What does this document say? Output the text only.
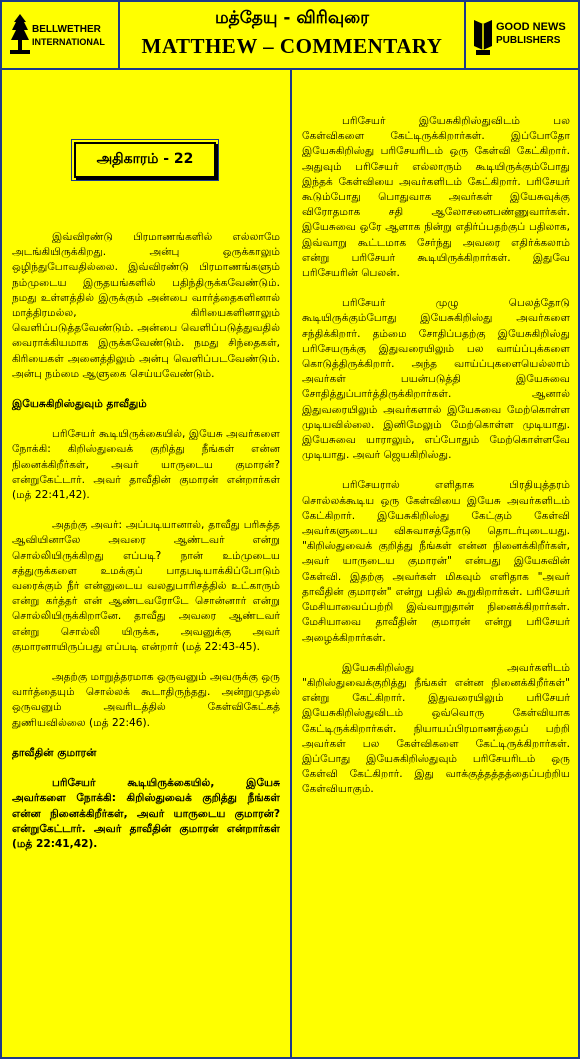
BELLWETHER
INTERNATIONAL
மத்தேயு - விரிவுரை
MATTHEW – COMMENTARY
GOOD NEWS
PUBLISHERS
அதிகாரம் - 22

இவ்விரண்டு பிரமாணங்களில் எல்லாமே அடங்கியிருக்கிறது. அன்பு ஒருக்காலும் ஒழிந்துபோவதில்லை. இவ்விரண்டு பிரமாணங்களும் நம்முடைய இருதயங்களில் பதிந்திருக்கவேண்டும். நமது உள்ளத்தில் இருக்கும் அன்பை வார்த்தைகளினால் மாத்திரமல்ல, கிரியைகளினாலும் வெளிப்படுத்தவேண்டும். அன்பை வெளிப்படுத்துவதில் வைராக்கியமாக இருக்கவேண்டும். நமது சிந்தைகள், கிரியைகள் அனைத்திலும் அன்பு வெளிப்படவேண்டும். அன்பு நம்மை ஆளுகை செய்யவேண்டும்.

இயேசுகிறிஸ்துவும் தாவீதும்

பரிசேயர் கூடியிருக்கையில், இயேசு அவர்களை நோக்கி: கிறிஸ்துவைக் குறித்து நீங்கள் என்ன நினைக்கிறீர்கள், அவர் யாருடைய குமாரன்? என்றுகேட்டார். அவர் தாவீதின் குமாரன் என்றார்கள் (மத் 22:41,42).

அதற்கு அவர்: அப்படியானால், தாவீது பரிசுத்த ஆவியினாலே அவரை ஆண்டவர் என்று சொல்லியிருக்கிறது எப்படி? நான் உம்முடைய சத்துருக்களை உமக்குப் பாதபடியாக்கிப்போடும் வரைக்கும் நீர் என்னுடைய வலதுபாரிசத்தில் உட்காரும் என்று கர்த்தர் என் ஆண்டவரோடே சொன்னார் என்று சொல்லியிருக்கிறானே. தாவீது அவரை ஆண்டவர் என்று சொல்லி யிருக்க, அவனுக்கு அவர் குமாரனாயிருப்பது எப்படி என்றார் (மத் 22:43-45).

அதற்கு மாறுத்தரமாக ஒருவனும் அவருக்கு ஒரு வார்த்தையும் சொல்லக் கூடாதிருந்தது. அன்றுமுதல் ஒருவனும் அவரிடத்தில் கேள்விகேட்கத் துணியவில்லை (மத் 22:46).

தாவீதின் குமாரன்

பரிசேயர் கூடியிருக்கையில், இயேசு அவர்களை நோக்கி: கிறிஸ்துவைக் குறித்து நீங்கள் என்ன நினைக்கிறீர்கள், அவர் யாருடைய குமாரன்? என்றுகேட்டார். அவர் தாவீதின் குமாரன் என்றார்கள் (மத் 22:41,42).

பரிசேயர் இயேசுகிறிஸ்துவிடம் பல கேள்விகளை கேட்டிருக்கிறார்கள். இப்போதோ இயேசுகிறிஸ்து பரிசேயரிடம் ஒரு கேள்வி கேட்கிறார். அதுவும் பரிசேயர் எல்லாரும் கூடியிருக்கும்போது இந்தக் கேள்வியை அவர்களிடம் கேட்கிறார். பரிசேயர் கூடும்போது பொதுவாக அவர்கள் இயேசுவுக்கு விரோதமாக சதி ஆலோசனைபண்ணுவார்கள். இயேசுவை ஒரே ஆளாக நின்று எதிர்ப்பதற்குப் பதிலாக, இவ்வாறு கூட்டமாக சேர்ந்து அவரை எதிர்க்கலாம் என்று பரிசேயர் கூடியிருக்கிறார்கள். இதுவே பரிசேயரின் பெலன்.

பரிசேயர் முழு பெலத்தோடு கூடியிருக்கும்போது இயேசுகிறிஸ்து அவர்களை சந்திக்கிறார். தம்மை சோதிப்பதற்கு இயேசுகிறிஸ்து பரிசேயருக்கு இதுவரையிலும் பல வாய்ப்புக்களை கொடுத்திருக்கிறார். அந்த வாய்ப்புகளையெல்லாம் அவர்கள் பயன்படுத்தி இயேசுவை சோதித்துப்பார்த்திருக்கிறார்கள். ஆனால் இதுவரையிலும் அவர்களால் இயேசுவை மேற்கொள்ள முடியவில்லை. இனிமேலும் மேற்கொள்ள முடியாது. இயேசுவை யாராலும், எப்போதும் மேற்கொள்ளவே முடியாது. அவர் ஜெயகிறிஸ்து.

பரிசேயரால் எளிதாக பிரதியுத்தரம் சொல்லக்கூடிய ஒரு கேள்வியை இயேசு அவர்களிடம் கேட்கிறார். இயேசுகிறிஸ்து கேட்கும் கேள்வி அவர்களுடைய விசுவாசத்தோடு தொடர்புடையது. "கிறிஸ்துவைக் குறித்து நீங்கள் என்ன நினைக்கிறீர்கள், அவர் யாருடைய குமாரன்" என்பது இயேசுவின் கேள்வி. இதற்கு அவர்கள் மிகவும் எளிதாக "அவர் தாவீதின் குமாரன்" என்று பதில் கூறுகிறார்கள். பரிசேயர் மேசியாவைப்பற்றி இவ்வாறுதான் நினைக்கிறார்கள். மேசியாவை தாவீதின் குமாரன் என்று பரிசேயர் அழைக்கிறார்கள்.

இயேசுகிறிஸ்து அவர்களிடம் "கிறிஸ்துவைக்குறித்து நீங்கள் என்ன நினைக்கிறீர்கள்" என்று கேட்கிறார். இதுவரையிலும் பரிசேயர் இயேசுகிறிஸ்துவிடம் ஒவ்வொரு கேள்வியாக கேட்டிருக்கிறார்கள். நியாயப்பிரமாணத்தைப் பற்றி அவர்கள் பல கேள்விகளை கேட்டிருக்கிறார்கள். இப்போது இயேசுகிறிஸ்துவும் பரிசேயரிடம் ஒரு கேள்வி கேட்கிறார். இது வாக்குத்தத்தத்தைப்பற்றிய கேள்வியாகும்.
